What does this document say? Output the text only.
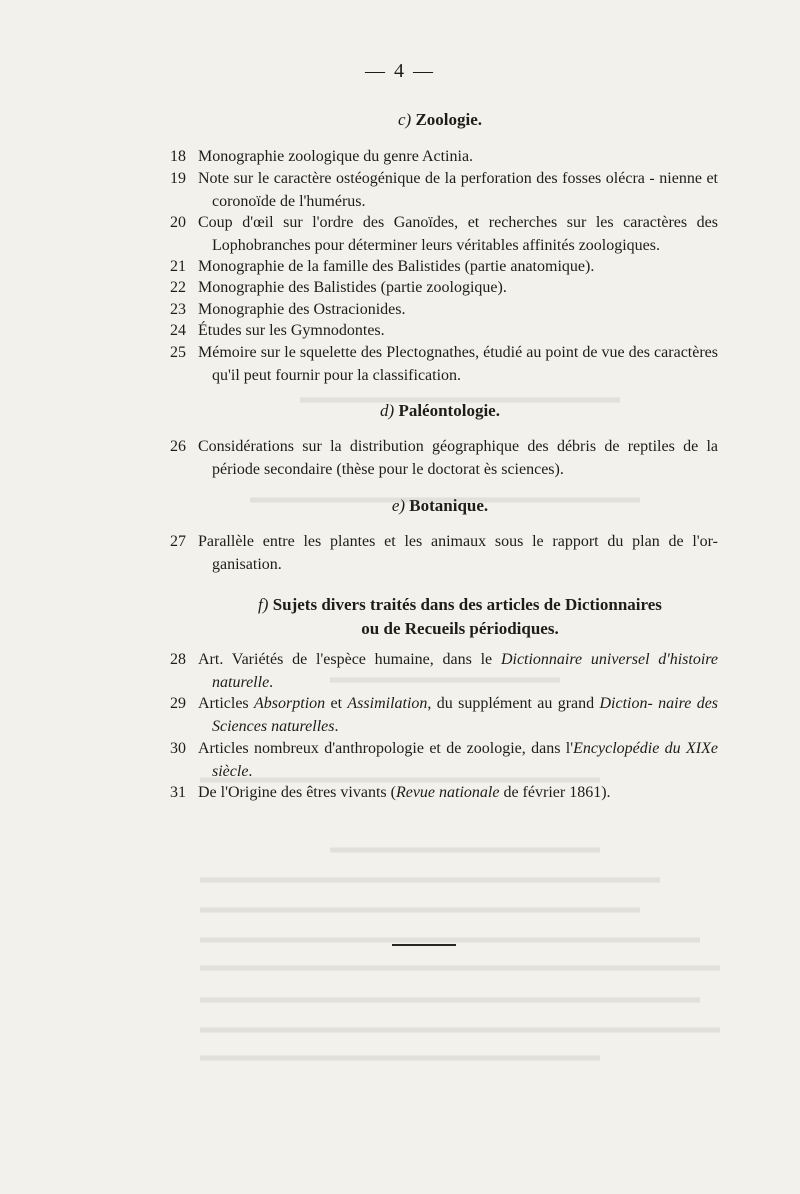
— 4 —
c) Zoologie.
18 Monographie zoologique du genre Actinia.
19 Note sur le caractère ostéogénique de la perforation des fosses olécra - nienne et coronoïde de l'humérus.
20 Coup d'œil sur l'ordre des Ganoïdes, et recherches sur les caractères des Lophobranches pour déterminer leurs véritables affinités zoologiques.
21 Monographie de la famille des Balistides (partie anatomique).
22 Monographie des Balistides (partie zoologique).
23 Monographie des Ostracionides.
24 Études sur les Gymnodontes.
25 Mémoire sur le squelette des Plectognathes, étudié au point de vue des caractères qu'il peut fournir pour la classification.
d) Paléontologie.
26 Considérations sur la distribution géographique des débris de reptiles de la période secondaire (thèse pour le doctorat ès sciences).
e) Botanique.
27 Parallèle entre les plantes et les animaux sous le rapport du plan de l'or- ganisation.
f) Sujets divers traités dans des articles de Dictionnaires
ou de Recueils périodiques.
28 Art. Variétés de l'espèce humaine, dans le Dictionnaire universel d'histoire naturelle.
29 Articles Absorption et Assimilation, du supplément au grand Diction- naire des Sciences naturelles.
30 Articles nombreux d'anthropologie et de zoologie, dans l'Encyclopédie du XIXe siècle.
31 De l'Origine des êtres vivants (Revue nationale de février 1861).
